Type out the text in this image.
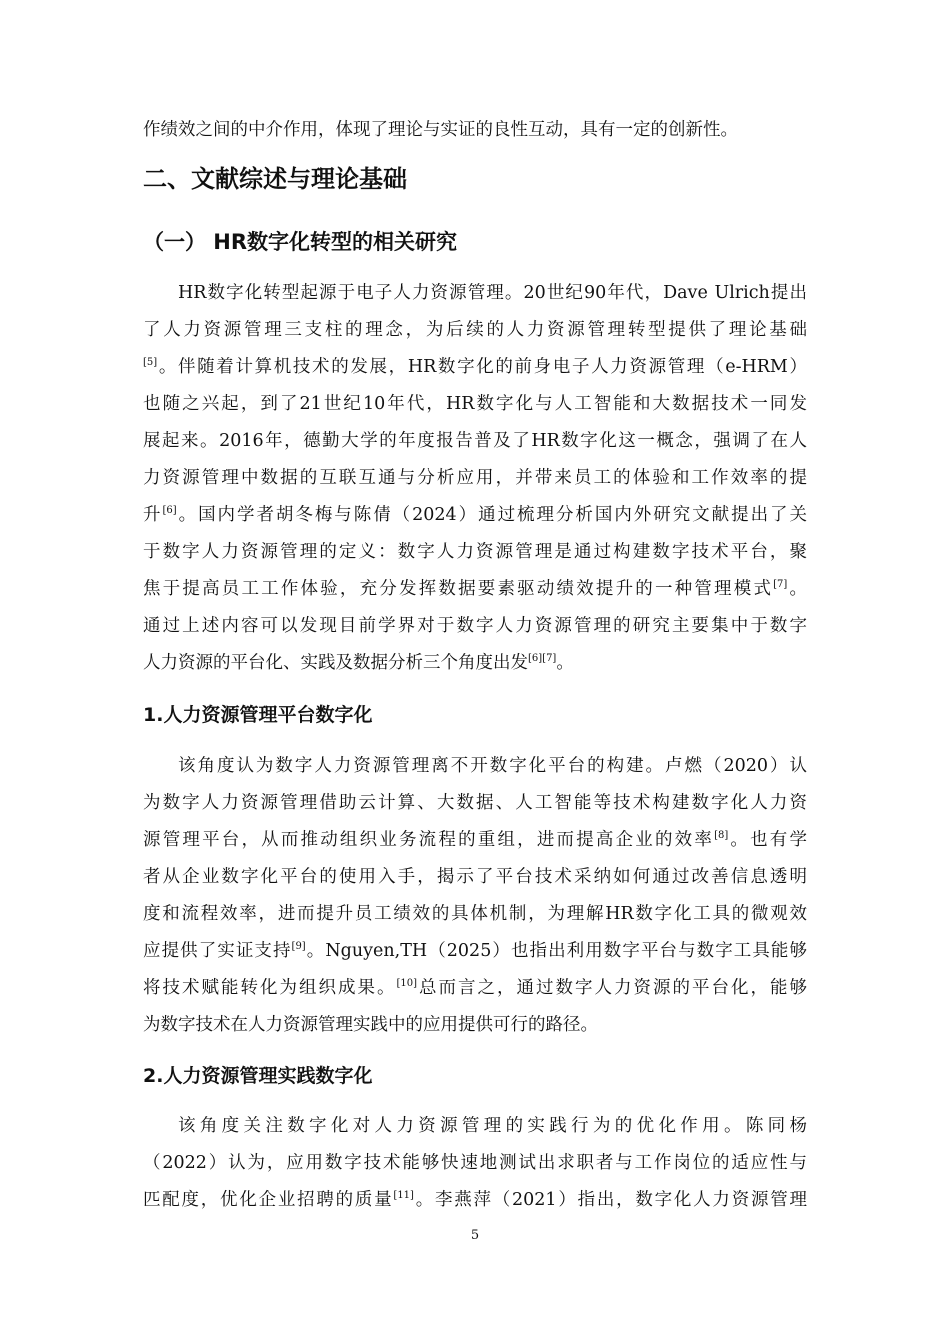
作绩效之间的中介作用，体现了理论与实证的良性互动，具有一定的创新性。
二、文献综述与理论基础
（一） HR数字化转型的相关研究
HR数字化转型起源于电子人力资源管理。20世纪90年代，Dave Ulrich提出
了人力资源管理三支柱的理念，为后续的人力资源管理转型提供了理论基础
[5]。伴随着计算机技术的发展，HR数字化的前身电子人力资源管理（e-HRM）
也随之兴起，到了21世纪10年代，HR数字化与人工智能和大数据技术一同发
展起来。2016年，德勤大学的年度报告普及了HR数字化这一概念，强调了在人
力资源管理中数据的互联互通与分析应用，并带来员工的体验和工作效率的提
升[6]。国内学者胡冬梅与陈倩（2024）通过梳理分析国内外研究文献提出了关
于数字人力资源管理的定义：数字人力资源管理是通过构建数字技术平台，聚
焦于提高员工工作体验，充分发挥数据要素驱动绩效提升的一种管理模式[7]。
通过上述内容可以发现目前学界对于数字人力资源管理的研究主要集中于数字
人力资源的平台化、实践及数据分析三个角度出发[6][7]。
1.人力资源管理平台数字化
该角度认为数字人力资源管理离不开数字化平台的构建。卢燃（2020）认
为数字人力资源管理借助云计算、大数据、人工智能等技术构建数字化人力资
源管理平台，从而推动组织业务流程的重组，进而提高企业的效率[8]。也有学
者从企业数字化平台的使用入手，揭示了平台技术采纳如何通过改善信息透明
度和流程效率，进而提升员工绩效的具体机制，为理解HR数字化工具的微观效
应提供了实证支持[9]。Nguyen,TH（2025）也指出利用数字平台与数字工具能够
将技术赋能转化为组织成果。[10]总而言之，通过数字人力资源的平台化，能够
为数字技术在人力资源管理实践中的应用提供可行的路径。
2.人力资源管理实践数字化
该角度关注数字化对人力资源管理的实践行为的优化作用。陈同杨
（2022）认为，应用数字技术能够快速地测试出求职者与工作岗位的适应性与
匹配度，优化企业招聘的质量[11]。李燕萍（2021）指出，数字化人力资源管理
5
